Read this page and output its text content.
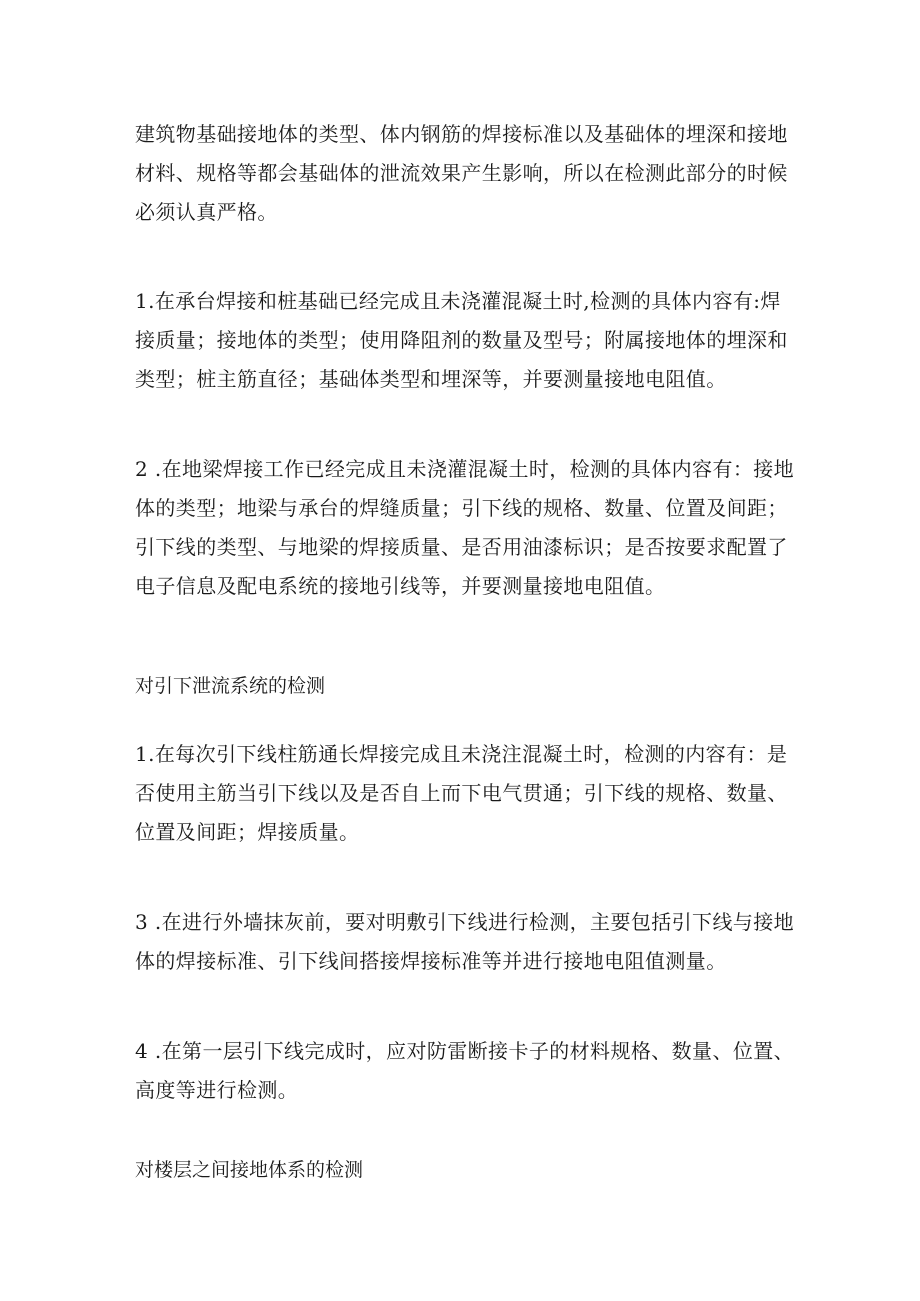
建筑物基础接地体的类型、体内钢筋的焊接标准以及基础体的埋深和接地
材料、规格等都会基础体的泄流效果产生影响，所以在检测此部分的时候
必须认真严格。

1.在承台焊接和桩基础已经完成且未浇灌混凝土时,检测的具体内容有:焊
接质量；接地体的类型；使用降阻剂的数量及型号；附属接地体的埋深和
类型；桩主筋直径；基础体类型和埋深等，并要测量接地电阻值。

2 .在地梁焊接工作已经完成且未浇灌混凝土时，检测的具体内容有：接地
体的类型；地梁与承台的焊缝质量；引下线的规格、数量、位置及间距；
引下线的类型、与地梁的焊接质量、是否用油漆标识；是否按要求配置了
电子信息及配电系统的接地引线等，并要测量接地电阻值。

对引下泄流系统的检测

1.在每次引下线柱筋通长焊接完成且未浇注混凝土时，检测的内容有：是
否使用主筋当引下线以及是否自上而下电气贯通；引下线的规格、数量、
位置及间距；焊接质量。

3 .在进行外墙抹灰前，要对明敷引下线进行检测，主要包括引下线与接地
体的焊接标准、引下线间搭接焊接标准等并进行接地电阻值测量。

4 .在第一层引下线完成时，应对防雷断接卡子的材料规格、数量、位置、
高度等进行检测。

对楼层之间接地体系的检测
